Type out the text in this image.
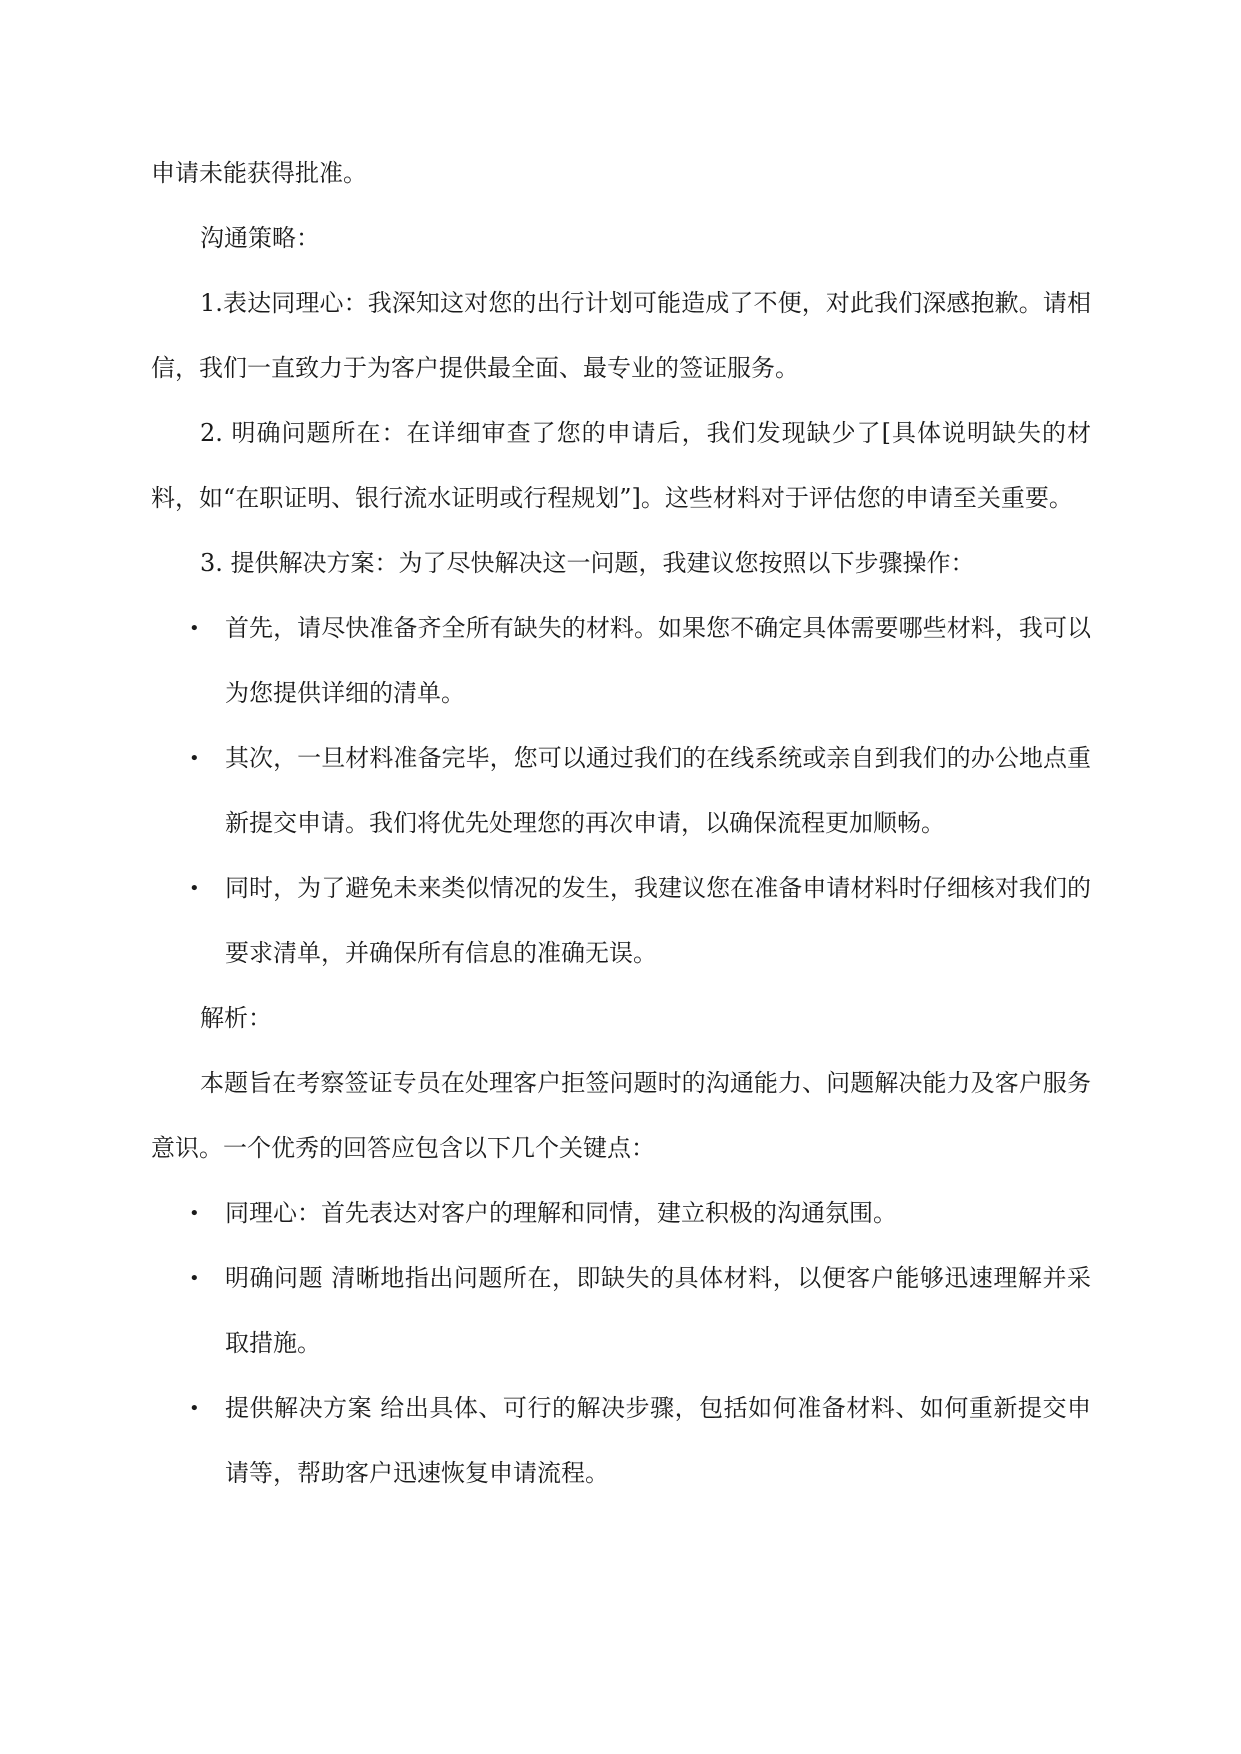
申请未能获得批准。

沟通策略：

1.表达同理心：我深知这对您的出行计划可能造成了不便，对此我们深感抱歉。请相信，我们一直致力于为客户提供最全面、最专业的签证服务。

2. 明确问题所在：在详细审查了您的申请后，我们发现缺少了[具体说明缺失的材料，如“在职证明、银行流水证明或行程规划”]。这些材料对于评估您的申请至关重要。

3. 提供解决方案：为了尽快解决这一问题，我建议您按照以下步骤操作：

• 首先，请尽快准备齐全所有缺失的材料。如果您不确定具体需要哪些材料，我可以为您提供详细的清单。
• 其次，一旦材料准备完毕，您可以通过我们的在线系统或亲自到我们的办公地点重新提交申请。我们将优先处理您的再次申请，以确保流程更加顺畅。
• 同时，为了避免未来类似情况的发生，我建议您在准备申请材料时仔细核对我们的要求清单，并确保所有信息的准确无误。

解析：

本题旨在考察签证专员在处理客户拒签问题时的沟通能力、问题解决能力及客户服务意识。一个优秀的回答应包含以下几个关键点：

• 同理心：首先表达对客户的理解和同情，建立积极的沟通氛围。
• 明确问题 清晰地指出问题所在，即缺失的具体材料，以便客户能够迅速理解并采取措施。
• 提供解决方案 给出具体、可行的解决步骤，包括如何准备材料、如何重新提交申请等，帮助客户迅速恢复申请流程。
